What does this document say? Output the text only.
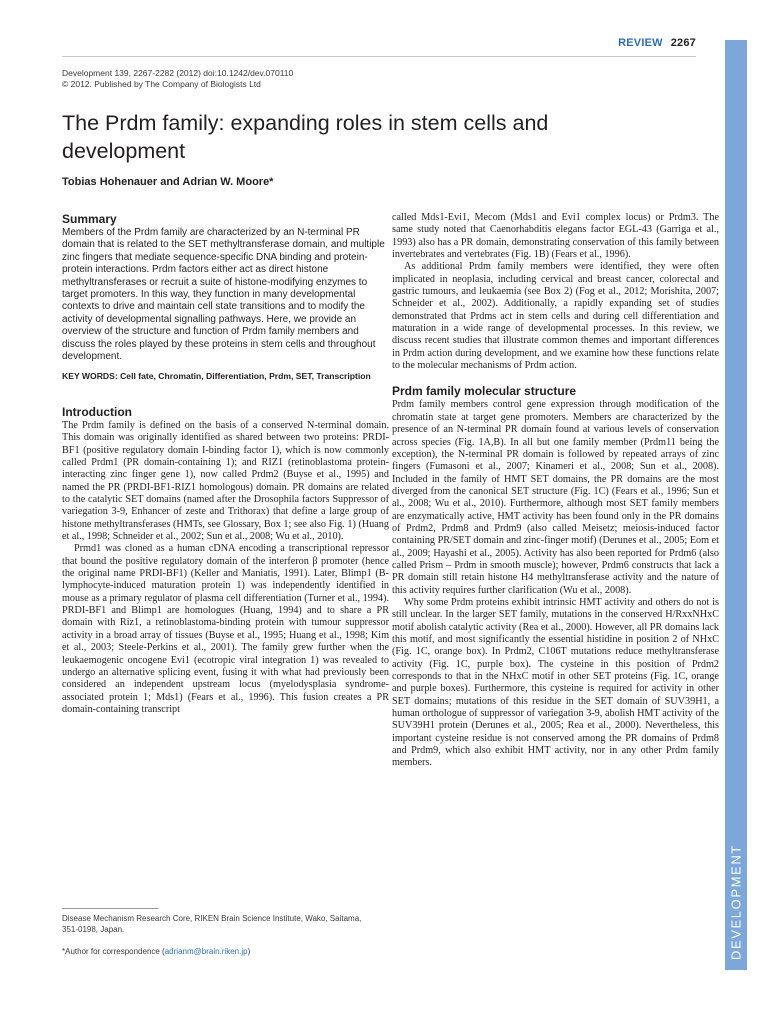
REVIEW 2267
DEVELOPMENT
Development 139, 2267-2282 (2012) doi:10.1242/dev.070110
© 2012. Published by The Company of Biologists Ltd
The Prdm family: expanding roles in stem cells and development
Tobias Hohenauer and Adrian W. Moore*
Summary

Members of the Prdm family are characterized by an N-terminal PR domain that is related to the SET methyltransferase domain, and multiple zinc fingers that mediate sequence-specific DNA binding and protein-protein interactions. Prdm factors either act as direct histone methyltransferases or recruit a suite of histone-modifying enzymes to target promoters. In this way, they function in many developmental contexts to drive and maintain cell state transitions and to modify the activity of developmental signalling pathways. Here, we provide an overview of the structure and function of Prdm family members and discuss the roles played by these proteins in stem cells and throughout development.

KEY WORDS: Cell fate, Chromatin, Differentiation, Prdm, SET, Transcription

Introduction

The Prdm family is defined on the basis of a conserved N-terminal domain. This domain was originally identified as shared between two proteins: PRDI-BF1 (positive regulatory domain I-binding factor 1), which is now commonly called Prdm1 (PR domain-containing 1); and RIZ1 (retinoblastoma protein-interacting zinc finger gene 1), now called Prdm2 (Buyse et al., 1995) and named the PR (PRDI-BF1-RIZ1 homologous) domain. PR domains are related to the catalytic SET domains (named after the Drosophila factors Suppressor of variegation 3-9, Enhancer of zeste and Trithorax) that define a large group of histone methyltransferases (HMTs, see Glossary, Box 1; see also Fig. 1) (Huang et al., 1998; Schneider et al., 2002; Sun et al., 2008; Wu et al., 2010).

Prmd1 was cloned as a human cDNA encoding a transcriptional repressor that bound the positive regulatory domain of the interferon β promoter (hence the original name PRDI-BF1) (Keller and Maniatis, 1991). Later, Blimp1 (B-lymphocyte-induced maturation protein 1) was independently identified in mouse as a primary regulator of plasma cell differentiation (Turner et al., 1994). PRDI-BF1 and Blimp1 are homologues (Huang, 1994) and to share a PR domain with Riz1, a retinoblastoma-binding protein with tumour suppressor activity in a broad array of tissues (Buyse et al., 1995; Huang et al., 1998; Kim et al., 2003; Steele-Perkins et al., 2001). The family grew further when the leukaemogenic oncogene Evi1 (ecotropic viral integration 1) was revealed to undergo an alternative splicing event, fusing it with what had previously been considered an independent upstream locus (myelodysplasia syndrome-associated protein 1; Mds1) (Fears et al., 1996). This fusion creates a PR domain-containing transcript

called Mds1-Evi1, Mecom (Mds1 and Evi1 complex locus) or Prdm3. The same study noted that Caenorhabditis elegans factor EGL-43 (Garriga et al., 1993) also has a PR domain, demonstrating conservation of this family between invertebrates and vertebrates (Fig. 1B) (Fears et al., 1996).

As additional Prdm family members were identified, they were often implicated in neoplasia, including cervical and breast cancer, colorectal and gastric tumours, and leukaemia (see Box 2) (Fog et al., 2012; Morishita, 2007; Schneider et al., 2002). Additionally, a rapidly expanding set of studies demonstrated that Prdms act in stem cells and during cell differentiation and maturation in a wide range of developmental processes. In this review, we discuss recent studies that illustrate common themes and important differences in Prdm action during development, and we examine how these functions relate to the molecular mechanisms of Prdm action.

Prdm family molecular structure

Prdm family members control gene expression through modification of the chromatin state at target gene promoters. Members are characterized by the presence of an N-terminal PR domain found at various levels of conservation across species (Fig. 1A,B). In all but one family member (Prdm11 being the exception), the N-terminal PR domain is followed by repeated arrays of zinc fingers (Fumasoni et al., 2007; Kinameri et al., 2008; Sun et al., 2008). Included in the family of HMT SET domains, the PR domains are the most diverged from the canonical SET structure (Fig. 1C) (Fears et al., 1996; Sun et al., 2008; Wu et al., 2010). Furthermore, although most SET family members are enzymatically active, HMT activity has been found only in the PR domains of Prdm2, Prdm8 and Prdm9 (also called Meisetz; meiosis-induced factor containing PR/SET domain and zinc-finger motif) (Derunes et al., 2005; Eom et al., 2009; Hayashi et al., 2005). Activity has also been reported for Prdm6 (also called Prism – Prdm in smooth muscle); however, Prdm6 constructs that lack a PR domain still retain histone H4 methyltransferase activity and the nature of this activity requires further clarification (Wu et al., 2008).

Why some Prdm proteins exhibit intrinsic HMT activity and others do not is still unclear. In the larger SET family, mutations in the conserved H/RxxNHxC motif abolish catalytic activity (Rea et al., 2000). However, all PR domains lack this motif, and most significantly the essential histidine in position 2 of NHxC (Fig. 1C, orange box). In Prdm2, C106T mutations reduce methyltransferase activity (Fig. 1C, purple box). The cysteine in this position of Prdm2 corresponds to that in the NHxC motif in other SET proteins (Fig. 1C, orange and purple boxes). Furthermore, this cysteine is required for activity in other SET domains; mutations of this residue in the SET domain of SUV39H1, a human orthologue of suppressor of variegation 3-9, abolish HMT activity of the SUV39H1 protein (Derunes et al., 2005; Rea et al., 2000). Nevertheless, this important cysteine residue is not conserved among the PR domains of Prdm8 and Prdm9, which also exhibit HMT activity, nor in any other Prdm family members.

Disease Mechanism Research Core, RIKEN Brain Science Institute, Wako, Saitama, 351-0198, Japan.
*Author for correspondence (adrianm@brain.riken.jp)
